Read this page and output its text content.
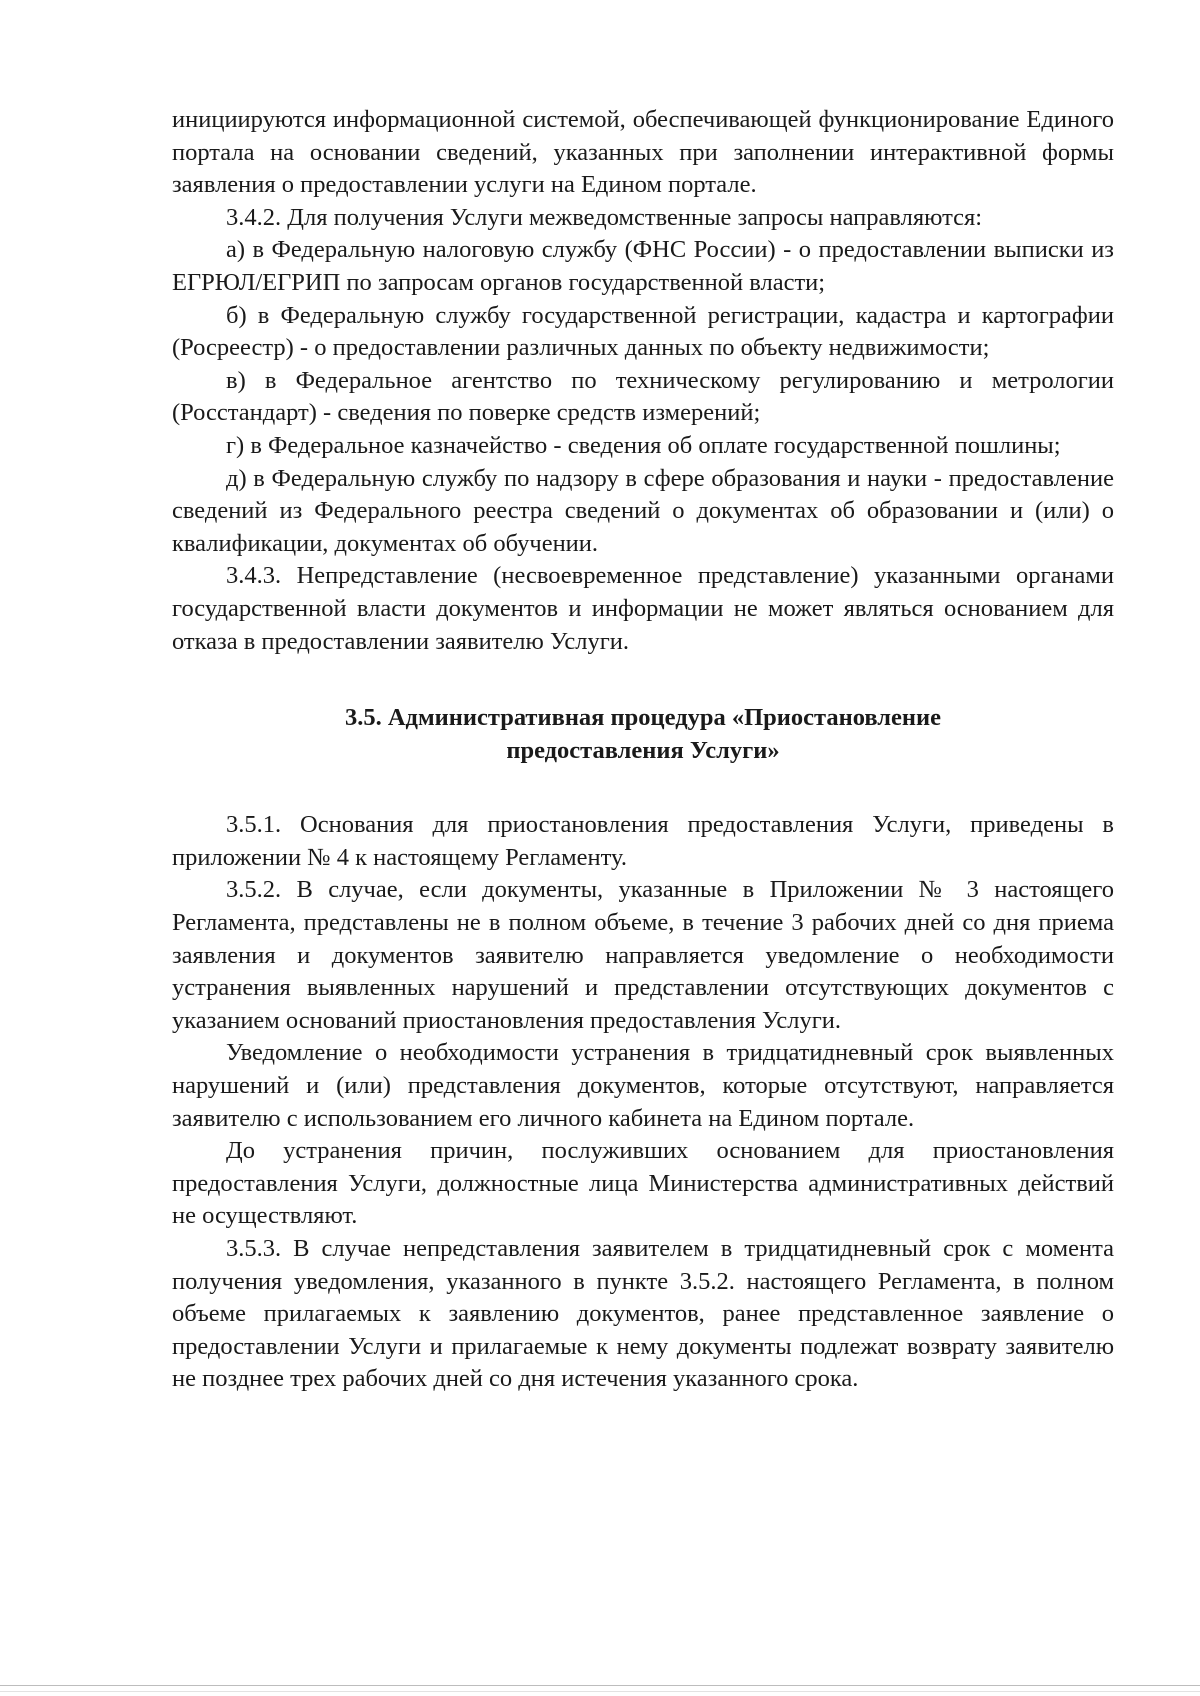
инициируются информационной системой, обеспечивающей функционирование Единого портала на основании сведений, указанных при заполнении интерактивной формы заявления о предоставлении услуги на Едином портале.

3.4.2. Для получения Услуги межведомственные запросы направляются:

а) в Федеральную налоговую службу (ФНС России) - о предоставлении выписки из ЕГРЮЛ/ЕГРИП по запросам органов государственной власти;

б) в Федеральную службу государственной регистрации, кадастра и картографии (Росреестр) - о предоставлении различных данных по объекту недвижимости;

в) в Федеральное агентство по техническому регулированию и метрологии (Росстандарт) - сведения по поверке средств измерений;

г) в Федеральное казначейство - сведения об оплате государственной пошлины;

д) в Федеральную службу по надзору в сфере образования и науки - предоставление сведений из Федерального реестра сведений о документах об образовании и (или) о квалификации, документах об обучении.

3.4.3. Непредставление (несвоевременное представление) указанными органами государственной власти документов и информации не может являться основанием для отказа в предоставлении заявителю Услуги.

3.5. Административная процедура «Приостановление предоставления Услуги»

3.5.1. Основания для приостановления предоставления Услуги, приведены в приложении № 4 к настоящему Регламенту.

3.5.2. В случае, если документы, указанные в Приложении № 3 настоящего Регламента, представлены не в полном объеме, в течение 3 рабочих дней со дня приема заявления и документов заявителю направляется уведомление о необходимости устранения выявленных нарушений и представлении отсутствующих документов с указанием оснований приостановления предоставления Услуги.

Уведомление о необходимости устранения в тридцатидневный срок выявленных нарушений и (или) представления документов, которые отсутствуют, направляется заявителю с использованием его личного кабинета на Едином портале.

До устранения причин, послуживших основанием для приостановления предоставления Услуги, должностные лица Министерства административных действий не осуществляют.

3.5.3. В случае непредставления заявителем в тридцатидневный срок с момента получения уведомления, указанного в пункте 3.5.2. настоящего Регламента, в полном объеме прилагаемых к заявлению документов, ранее представленное заявление о предоставлении Услуги и прилагаемые к нему документы подлежат возврату заявителю не позднее трех рабочих дней со дня истечения указанного срока.
